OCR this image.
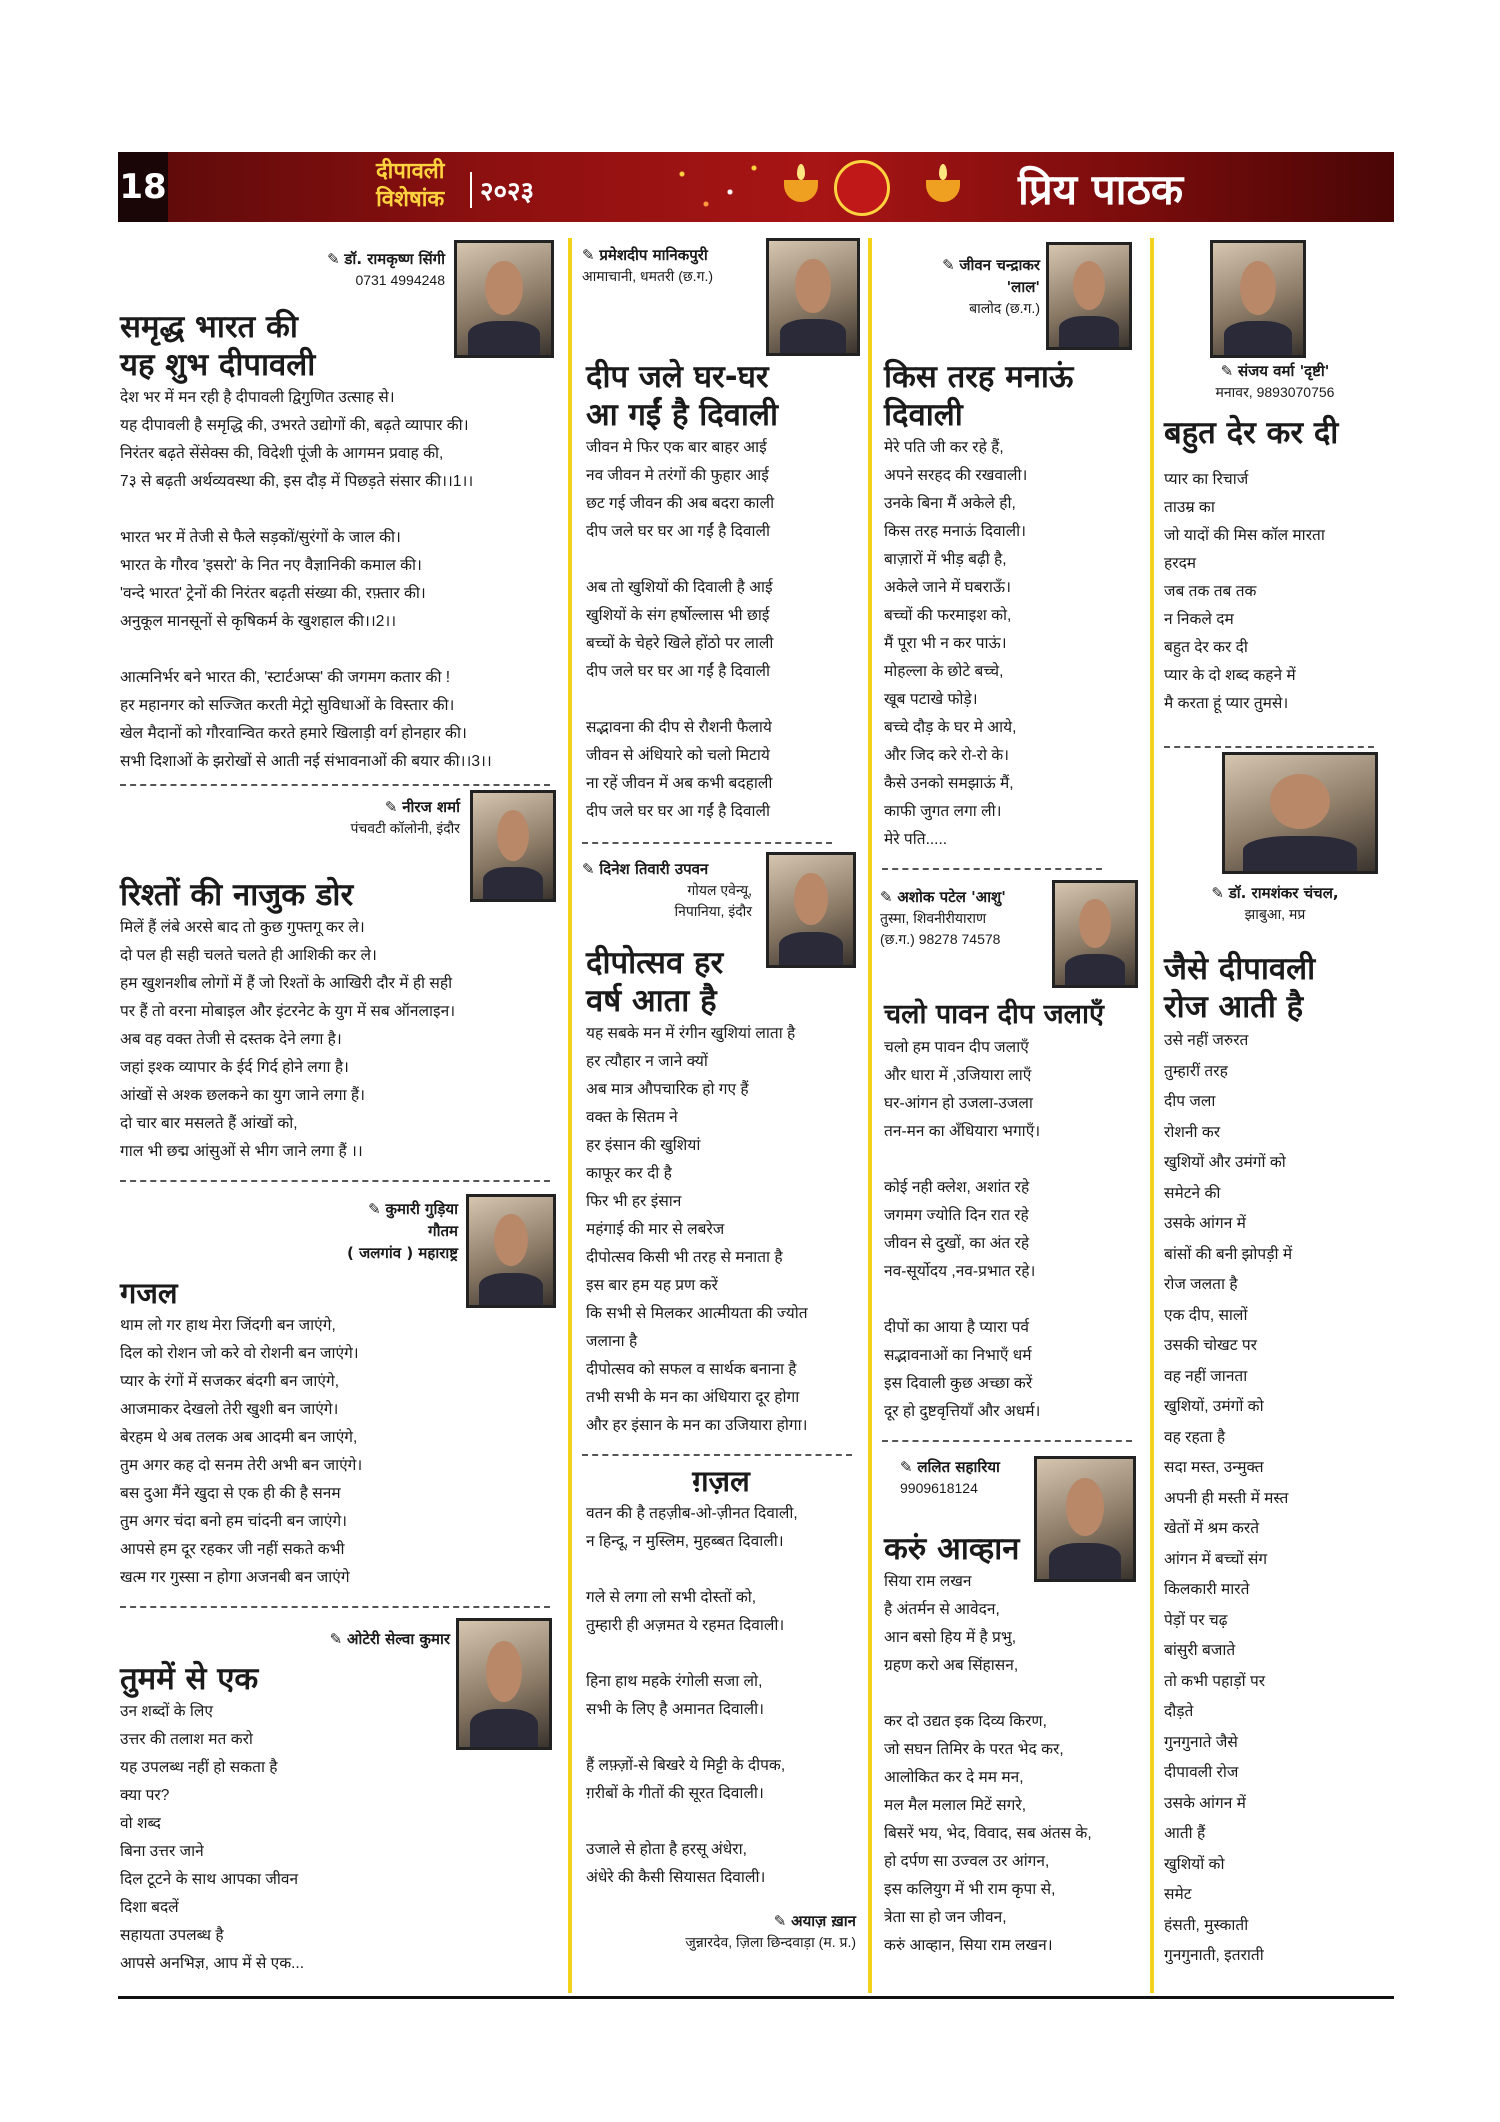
18	दीपावली
विशेषांक	२०२३	प्रिय पाठक
✎ डॉ. रामकृष्ण सिंगी
0731 4994248
समृद्ध भारत की
यह शुभ दीपावली
देश भर में मन रही है दीपावली द्विगुणित उत्साह से।
यह दीपावली है समृद्धि की, उभरते उद्योगों की, बढ़ते व्यापार की।
निरंतर बढ़ते सेंसेक्स की, विदेशी पूंजी के आगमन प्रवाह की,
7३ से बढ़ती अर्थव्यवस्था की, इस दौड़ में पिछड़ते संसार की।।1।।
भारत भर में तेजी से फैले सड़कों/सुरंगों के जाल की।
भारत के गौरव 'इसरो' के नित नए वैज्ञानिकी कमाल की।
'वन्दे भारत' ट्रेनों की निरंतर बढ़ती संख्या की, रफ़्तार की।
अनुकूल मानसूनों से कृषिकर्म के खुशहाल की।।2।।
आत्मनिर्भर बने भारत की, 'स्टार्टअप्स' की जगमग कतार की !
हर महानगर को सज्जित करती मेट्रो सुविधाओं के विस्तार की।
खेल मैदानों को गौरवान्वित करते हमारे खिलाड़ी वर्ग होनहार की।
सभी दिशाओं के झरोखों से आती नई संभावनाओं की बयार की।।3।।
✎ नीरज शर्मा
पंचवटी कॉलोनी, इंदौर
रिश्तों की नाजुक डोर
मिलें हैं लंबे अरसे बाद तो कुछ गुफ्तगू कर ले।
दो पल ही सही चलते चलते ही आशिकी कर ले।
हम खुशनशीब लोगों में हैं जो रिश्तों के आखिरी दौर में ही सही
पर हैं तो वरना मोबाइल और इंटरनेट के युग में सब ऑनलाइन।
अब वह वक्त तेजी से दस्तक देने लगा है।
जहां इश्क व्यापार के ईर्द गिर्द होने लगा है।
आंखों से अश्क छलकने का युग जाने लगा हैं।
दो चार बार मसलते हैं आंखों को,
गाल भी छद्म आंसुओं से भीग जाने लगा हैं ।।
✎ कुमारी गुड़िया
गौतम
( जलगांव ) महाराष्ट्र
गजल
थाम लो गर हाथ मेरा जिंदगी बन जाएंगे,
दिल को रोशन जो करे वो रोशनी बन जाएंगे।
प्यार के रंगों में सजकर बंदगी बन जाएंगे,
आजमाकर देखलो तेरी खुशी बन जाएंगे।
बेरहम थे अब तलक अब आदमी बन जाएंगे,
तुम अगर कह दो सनम तेरी अभी बन जाएंगे।
बस दुआ मैंने खुदा से एक ही की है सनम
तुम अगर चंदा बनो हम चांदनी बन जाएंगे।
आपसे हम दूर रहकर जी नहीं सकते कभी
खत्म गर गुस्सा न होगा अजनबी बन जाएंगे
✎ ओटेरी सेल्वा कुमार
तुममें से एक
उन शब्दों के लिए
उत्तर की तलाश मत करो
यह उपलब्ध नहीं हो सकता है
क्या पर?
वो शब्द
बिना उत्तर जाने
दिल टूटने के साथ आपका जीवन
दिशा बदलें
सहायता उपलब्ध है
आपसे अनभिज्ञ, आप में से एक...
✎ प्रमेशदीप मानिकपुरी
आमाचानी, धमतरी (छ.ग.)
दीप जले घर-घर
आ गईं है दिवाली
जीवन मे फिर एक बार बाहर आई
नव जीवन मे तरंगों की फुहार आई
छट गई जीवन की अब बदरा काली
दीप जले घर घर आ गईं है दिवाली
अब तो खुशियों की दिवाली है आई
खुशियों के संग हर्षोल्लास भी छाई
बच्चों के चेहरे खिले होंठो पर लाली
दीप जले घर घर आ गईं है दिवाली
सद्भावना की दीप से रौशनी फैलाये
जीवन से अंधियारे को चलो मिटाये
ना रहें जीवन में अब कभी बदहाली
दीप जले घर घर आ गईं है दिवाली
✎ दिनेश तिवारी उपवन
गोयल एवेन्यू,
निपानिया, इंदौर
दीपोत्सव हर
वर्ष आता है
यह सबके मन में रंगीन खुशियां लाता है
हर त्यौहार न जाने क्यों
अब मात्र औपचारिक हो गए हैं
वक्त के सितम ने
हर इंसान की खुशियां
काफूर कर दी है
फिर भी हर इंसान
महंगाई की मार से लबरेज
दीपोत्सव किसी भी तरह से मनाता है
इस बार हम यह प्रण करें
कि सभी से मिलकर आत्मीयता की ज्योत
जलाना है
दीपोत्सव को सफल व सार्थक बनाना है
तभी सभी के मन का अंधियारा दूर होगा
और हर इंसान के मन का उजियारा होगा।
ग़ज़ल
वतन की है तहज़ीब-ओ-ज़ीनत दिवाली,
न हिन्दू, न मुस्लिम, मुहब्बत दिवाली।
गले से लगा लो सभी दोस्तों को,
तुम्हारी ही अज़मत ये रहमत दिवाली।
हिना हाथ महके रंगोली सजा लो,
सभी के लिए है अमानत दिवाली।
हैं लफ़्ज़ों-से बिखरे ये मिट्टी के दीपक,
ग़रीबों के गीतों की सूरत दिवाली।
उजाले से होता है हरसू अंधेरा,
अंधेरे की कैसी सियासत दिवाली।
✎ अयाज़ ख़ान
जुन्नारदेव, ज़िला छिन्दवाड़ा (म. प्र.)
✎ जीवन चन्द्राकर
'लाल'
बालोद (छ.ग.)
किस तरह मनाऊं
दिवाली
मेरे पति जी कर रहे हैं,
अपने सरहद की रखवाली।
उनके बिना मैं अकेले ही,
किस तरह मनाऊं दिवाली।
बाज़ारों में भीड़ बढ़ी है,
अकेले जाने में घबराऊँ।
बच्चों की फरमाइश को,
मैं पूरा भी न कर पाऊं।
मोहल्ला के छोटे बच्चे,
खूब पटाखे फोड़े।
बच्चे दौड़ के घर मे आये,
और जिद करे रो-रो के।
कैसे उनको समझाऊं मैं,
काफी जुगत लगा ली।
मेरे पति.....
✎ अशोक पटेल 'आशु'
तुस्मा, शिवनीरीयाराण
(छ.ग.) 98278 74578
चलो पावन दीप जलाएँ
चलो हम पावन दीप जलाएँ
और धारा में ,उजियारा लाएँ
घर-आंगन हो उजला-उजला
तन-मन का अँधियारा भगाएँ।
कोई नही क्लेश, अशांत रहे
जगमग ज्योति दिन रात रहे
जीवन से दुखों, का अंत रहे
नव-सूर्योदय ,नव-प्रभात रहे।
दीपों का आया है प्यारा पर्व
सद्भावनाओं का निभाएँ धर्म
इस दिवाली कुछ अच्छा करें
दूर हो दुष्टवृत्तियाँ और अधर्म।
✎ ललित सहारिया
9909618124
करुं आव्हान
सिया राम लखन
है अंतर्मन से आवेदन,
आन बसो हिय में है प्रभु,
ग्रहण करो अब सिंहासन,
कर दो उद्यत इक दिव्य किरण,
जो सघन तिमिर के परत भेद कर,
आलोकित कर दे मम मन,
मल मैल मलाल मिटें सगरे,
बिसरें भय, भेद, विवाद, सब अंतस के,
हो दर्पण सा उज्वल उर आंगन,
इस कलियुग में भी राम कृपा से,
त्रेता सा हो जन जीवन,
करुं आव्हान, सिया राम लखन।
✎ संजय वर्मा 'दृष्टी'
मनावर, 9893070756
बहुत देर कर दी
प्यार का रिचार्ज
ताउम्र का
जो यादों की मिस कॉल मारता
हरदम
जब तक तब तक
न निकले दम
बहुत देर कर दी
प्यार के दो शब्द कहने में
मै करता हूं प्यार तुमसे।
✎ डॉ. रामशंकर चंचल,
झाबुआ, मप्र
जैसे दीपावली
रोज आती है
उसे नहीं जरुरत
तुम्हारीं तरह
दीप जला
रोशनी कर
खुशियों और उमंगों को
समेटने की
उसके आंगन में
बांसों की बनी झोपड़ी में
रोज जलता है
एक दीप, सालों
उसकी चोखट पर
वह नहीं जानता
खुशियों, उमंगों को
वह रहता है
सदा मस्त, उन्मुक्त
अपनी ही मस्ती में मस्त
खेतों में श्रम करते
आंगन में बच्चों संग
किलकारी मारते
पेड़ों पर चढ़
बांसुरी बजाते
तो कभी पहाड़ों पर
दौड़ते
गुनगुनाते जैसे
दीपावली रोज
उसके आंगन में
आती हैं
खुशियों को
समेट
हंसती, मुस्काती
गुनगुनाती, इतराती
